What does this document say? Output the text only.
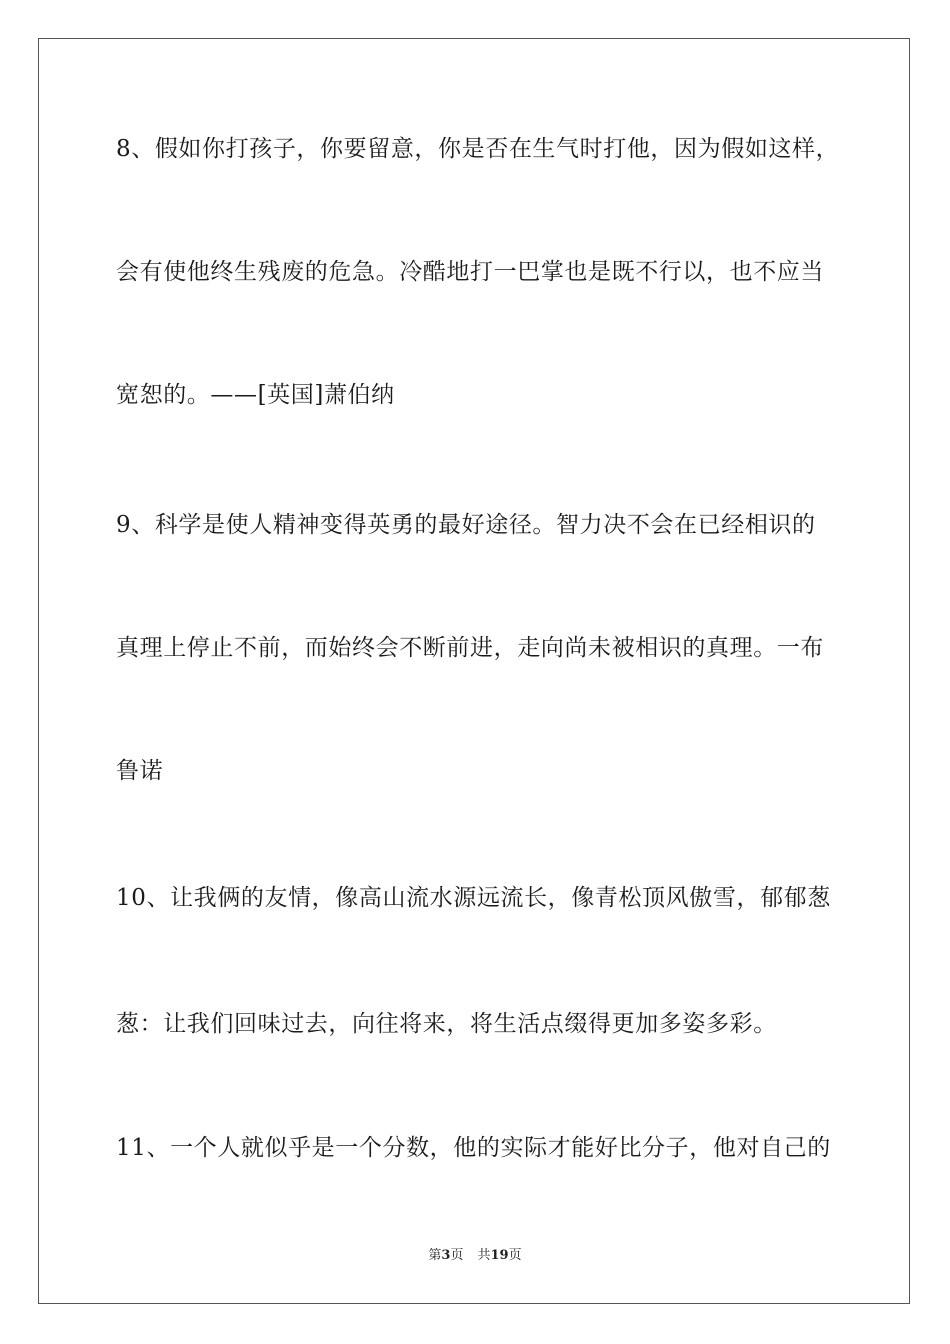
8、假如你打孩子，你要留意，你是否在生气时打他，因为假如这样，
会有使他终生残废的危急。冷酷地打一巴掌也是既不行以，也不应当
宽恕的。——[英国]萧伯纳
9、科学是使人精神变得英勇的最好途径。智力决不会在已经相识的
真理上停止不前，而始终会不断前进，走向尚未被相识的真理。一布
鲁诺
10、让我俩的友情，像高山流水源远流长，像青松顶风傲雪，郁郁葱
葱：让我们回味过去，向往将来，将生活点缀得更加多姿多彩。
11、一个人就似乎是一个分数，他的实际才能好比分子，他对自己的
第3页 共19页
